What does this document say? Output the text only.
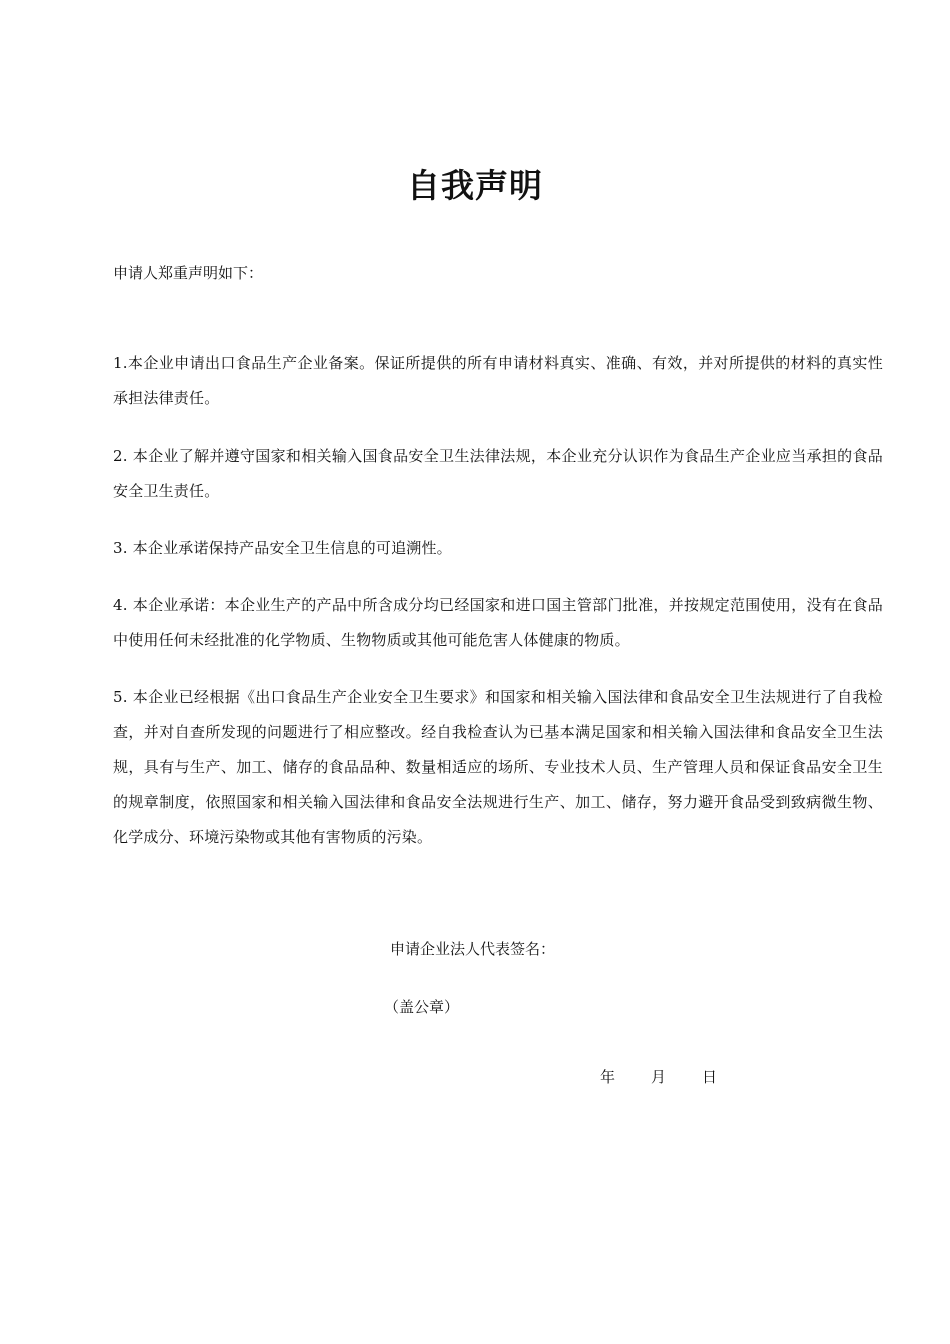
自我声明
申请人郑重声明如下：
1.本企业申请出口食品生产企业备案。保证所提供的所有申请材料真实、准确、有效，并对所提供的材料的真实性承担法律责任。
2. 本企业了解并遵守国家和相关输入国食品安全卫生法律法规，本企业充分认识作为食品生产企业应当承担的食品安全卫生责任。
3. 本企业承诺保持产品安全卫生信息的可追溯性。
4. 本企业承诺：本企业生产的产品中所含成分均已经国家和进口国主管部门批准，并按规定范围使用，没有在食品中使用任何未经批准的化学物质、生物物质或其他可能危害人体健康的物质。
5. 本企业已经根据《出口食品生产企业安全卫生要求》和国家和相关输入国法律和食品安全卫生法规进行了自我检查，并对自查所发现的问题进行了相应整改。经自我检查认为已基本满足国家和相关输入国法律和食品安全卫生法规，具有与生产、加工、储存的食品品种、数量相适应的场所、专业技术人员、生产管理人员和保证食品安全卫生的规章制度，依照国家和相关输入国法律和食品安全法规进行生产、加工、储存，努力避开食品受到致病微生物、化学成分、环境污染物或其他有害物质的污染。
申请企业法人代表签名：
（盖公章）
年 月 日
